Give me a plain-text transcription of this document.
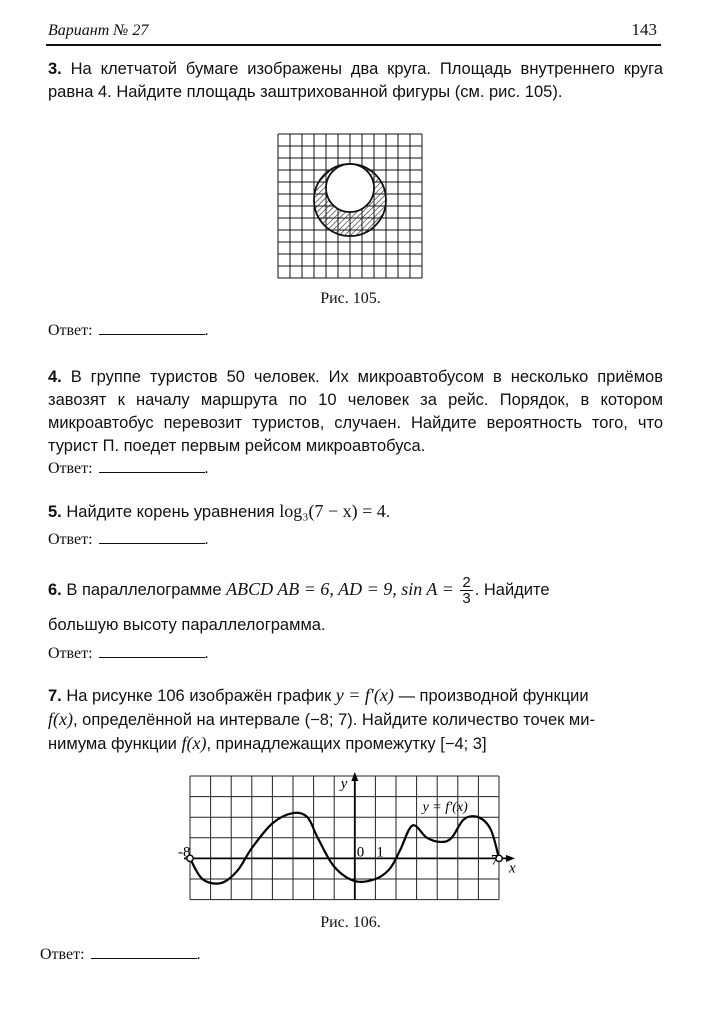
Вариант № 27	143
3. На клетчатой бумаге изображены два круга. Площадь внутреннего круга равна 4. Найдите площадь заштрихованной фигуры (см. рис. 105).
Рис. 105.
Ответ:	.
4. В группе туристов 50 человек. Их микроавтобусом в несколько приёмов завозят к началу маршрута по 10 человек за рейс. Порядок, в котором микроавтобус перевозит туристов, случаен. Найдите вероятность того, что турист П. поедет первым рейсом микроавтобуса.
Ответ:	.
5. Найдите корень уравнения log₃(7 − x) = 4.
Ответ:	.
6. В параллелограмме ABCD AB = 6, AD = 9, $\sin A = \frac{2}{3}$ . Найдите
большую высоту параллелограмма.
Ответ:	.
7. На рисунке 106 изображён график y = f′(x) — производной функции
f(x), определённой на интервале (−8; 7). Найдите количество точек ми-
нимума функции f(x), принадлежащих промежутку [−4; 3]
-8	0 1	7 x
y
y = f′(x)
Рис. 106.
Ответ:	.
